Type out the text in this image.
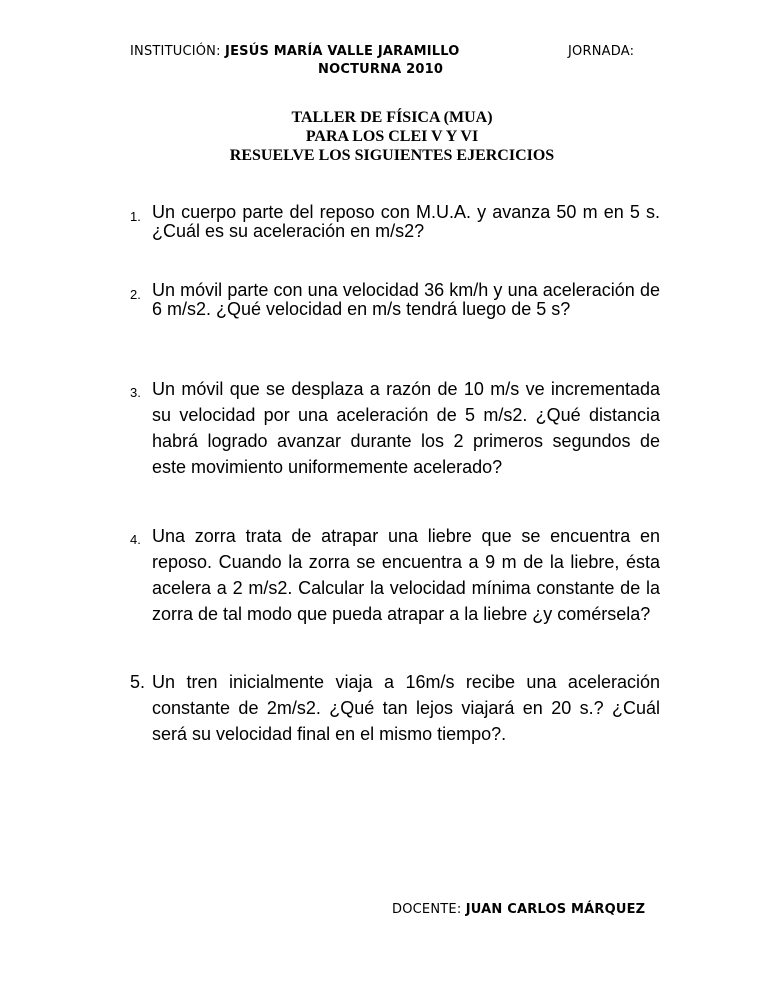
INSTITUCIÓN: JESÚS MARÍA VALLE JARAMILLO	JORNADA:
NOCTURNA 2010
TALLER DE FÍSICA (MUA)
PARA LOS CLEI V Y VI
RESUELVE LOS SIGUIENTES EJERCICIOS
1. Un cuerpo parte del reposo con M.U.A. y avanza 50 m en 5 s. ¿Cuál es su aceleración en m/s2?
2. Un móvil parte con una velocidad 36 km/h y una aceleración de 6 m/s2. ¿Qué velocidad en m/s tendrá luego de 5 s?
3. Un móvil que se desplaza a razón de 10 m/s ve incrementada su velocidad por una aceleración de 5 m/s2. ¿Qué distancia habrá logrado avanzar durante los 2 primeros segundos de este movimiento uniformemente acelerado?
4. Una zorra trata de atrapar una liebre que se encuentra en reposo. Cuando la zorra se encuentra a 9 m de la liebre, ésta acelera a 2 m/s2. Calcular la velocidad mínima constante de la zorra de tal modo que pueda atrapar a la liebre ¿y comérsela?
5. Un tren inicialmente viaja a 16m/s recibe una aceleración constante de 2m/s2. ¿Qué tan lejos viajará en 20 s.? ¿Cuál será su velocidad final en el mismo tiempo?.
DOCENTE: JUAN CARLOS MÁRQUEZ
